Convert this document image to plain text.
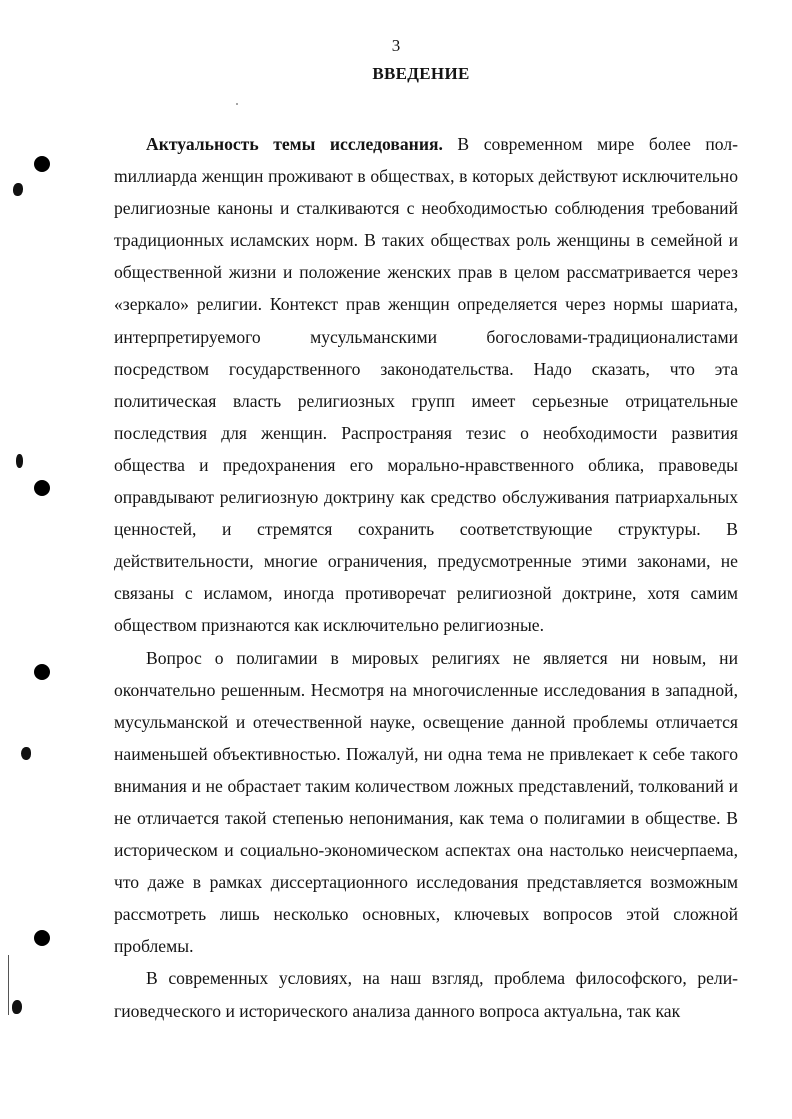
3
ВВЕДЕНИЕ

Актуальность темы исследования. В современном мире более полmиллиарда женщин проживают в обществах, в которых действуют исключительно религиозные каноны и сталкиваются с необходимостью соблюдения требований традиционных исламских норм. В таких обществах роль женщины в семейной и общественной жизни и положение женских прав в целом рассматривается через «зеркало» религии. Контекст прав женщин определяется через нормы шариата, интерпретируемого мусульманскими богословами-традиционалистами посредством государственного законодательства. Надо сказать, что эта политическая власть религиозных групп имеет серьезные отрицательные последствия для женщин. Распространяя тезис о необходимости развития общества и предохранения его морально-нравственного облика, правоведы оправдывают религиозную доктрину как средство обслуживания патриархальных ценностей, и стремятся сохранить соответствующие структуры. В действительности, многие ограничения, предусмотренные этими законами, не связаны с исламом, иногда противоречат религиозной доктрине, хотя самим обществом признаются как исключительно религиозные.

Вопрос о полигамии в мировых религиях не является ни новым, ни окончательно решенным. Несмотря на многочисленные исследования в западной, мусульманской и отечественной науке, освещение данной проблемы отличается наименьшей объективностью. Пожалуй, ни одна тема не привлекает к себе такого внимания и не обрастает таким количеством ложных представлений, толкований и не отличается такой степенью непонимания, как тема о полигамии в обществе. В историческом и социально-экономическом аспектах она настолько неисчерпаема, что даже в рамках диссертационного исследования представляется возможным рассмотреть лишь несколько основных, ключевых вопросов этой сложной проблемы.

В современных условиях, на наш взгляд, проблема философского, религиоведческого и исторического анализа данного вопроса актуальна, так как
